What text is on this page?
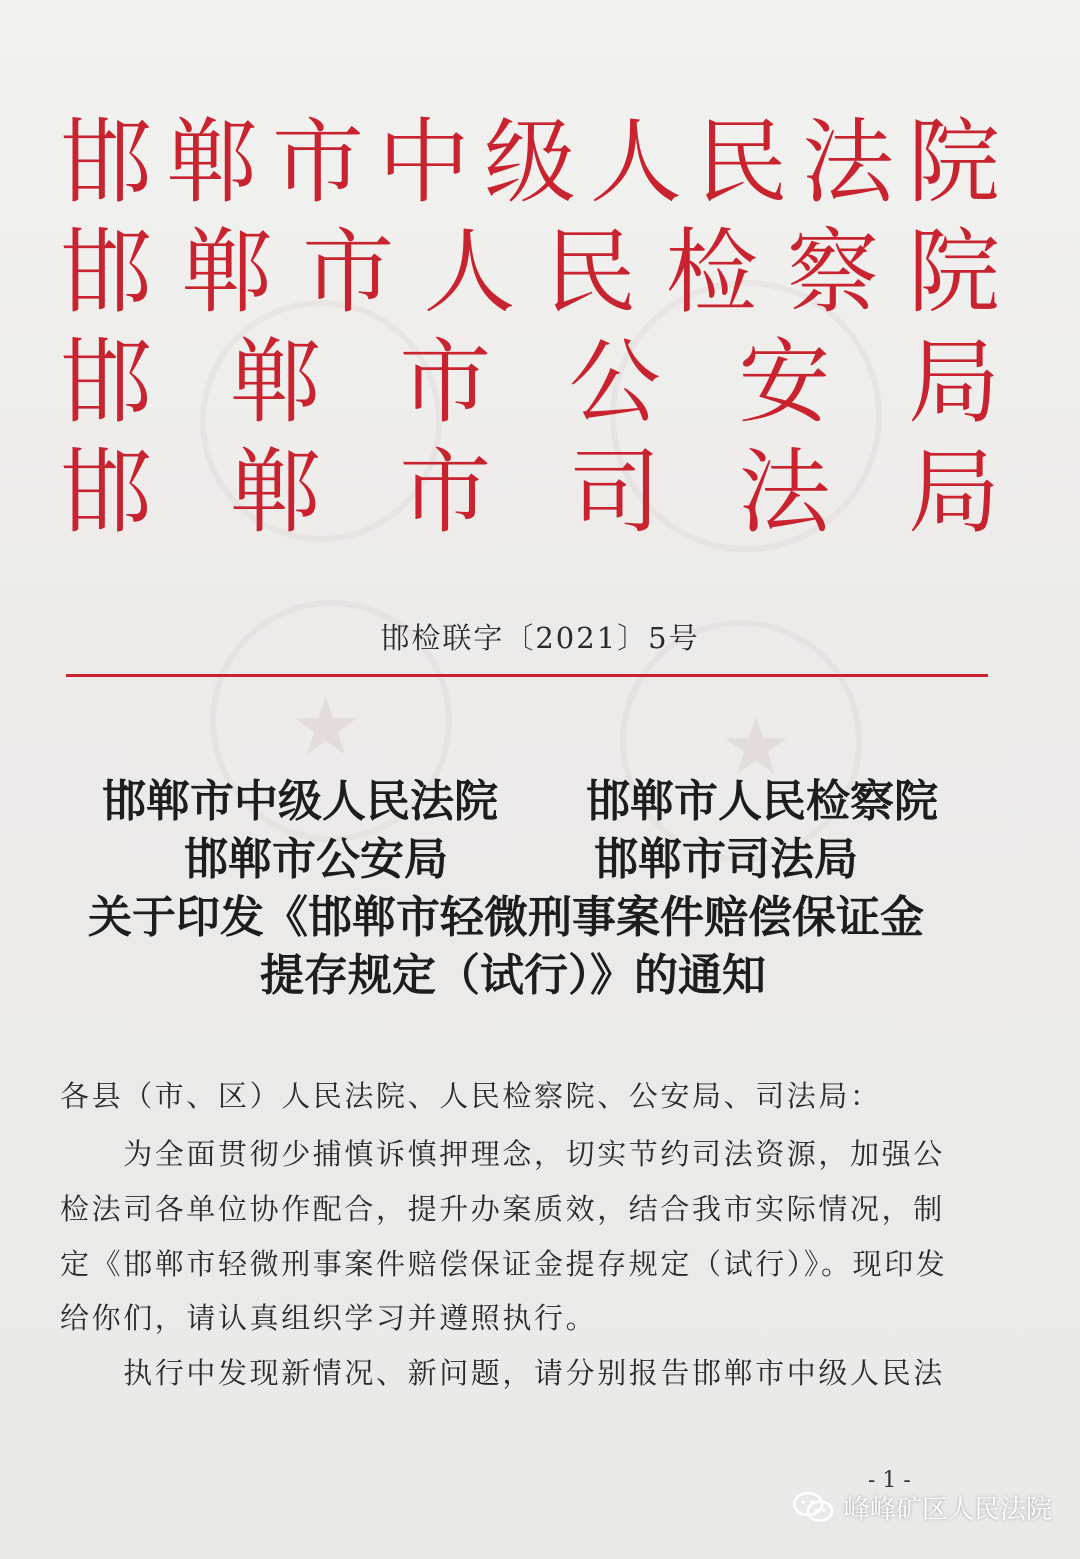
★	★
邯 郸 市 中 级 人 民 法 院
邯 郸 市 人 民 检 察 院
邯 郸 市 公 安 局
邯 郸 市 司 法 局
邯检联字〔2021〕5号
邯郸市中级人民法院 邯郸市人民检察院
邯郸市公安局	邯郸市司法局
关于印发《邯郸市轻微刑事案件赔偿保证金
提存规定（试行）》的通知
各县（市、区）人民法院、人民检察院、公安局、司法局：
　　为全面贯彻少捕慎诉慎押理念，切实节约司法资源，加强公
检法司各单位协作配合，提升办案质效，结合我市实际情况，制
定《邯郸市轻微刑事案件赔偿保证金提存规定（试行）》。现印发
给你们，请认真组织学习并遵照执行。
　　执行中发现新情况、新问题，请分别报告邯郸市中级人民法
- 1 -
峰峰矿区人民法院
